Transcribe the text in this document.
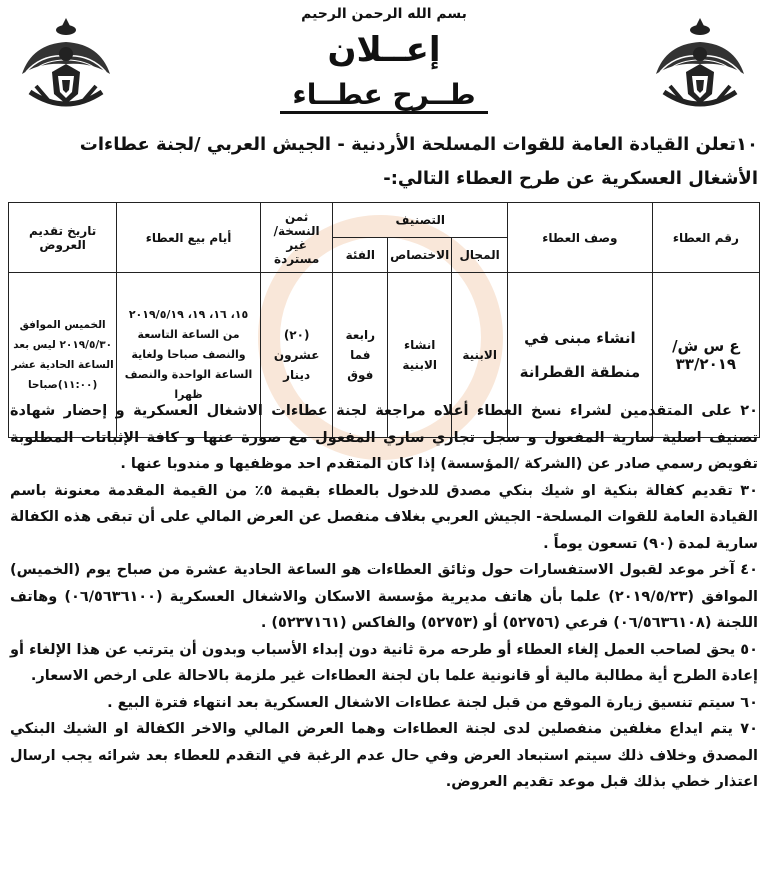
بسم الله الرحمن الرحيم
إعــلان
طــرح عطــاء
١٠تعلن القيادة العامة للقوات المسلحة الأردنية - الجيش العربي /لجنة عطاءات الأشغال العسكرية عن طرح العطاء التالي:-
رقم العطاء	وصف العطاء	التصنيف			ثمن النسخة/ غير مستردة	أيام بيع العطاء	تاريخ تقديم العروض
		المجال	الاختصاص	الفئة			
ع س ش/٣٣/٢٠١٩	انشاء مبنى في منطقة القطرانة	الابنية	انشاء الابنية	رابعة فما فوق	(٢٠) عشرون دينار	١٥، ١٦، ١٩، ٢٠١٩/٥/١٩ من الساعة التاسعة والنصف صباحا ولغاية الساعة الواحدة والنصف ظهرا	الخميس الموافق ٢٠١٩/٥/٣٠ ليس بعد الساعة الحادية عشر (١١:٠٠)صباحا

٢٠ على المتقدمين لشراء نسخ العطاء أعلاه مراجعة لجنة عطاءات الاشغال العسكرية و إحضار شهادة تصنيف اصلية سارية المفعول و سجل تجاري ساري المفعول مع صورة عنها و كافة الإثباتات المطلوبة تفويض رسمي صادر عن (الشركة /المؤسسة) إذا كان المتقدم احد موظفيها و مندوبا عنها .

٣٠ تقديم كفالة بنكية او شيك بنكي مصدق للدخول بالعطاء بقيمة ٥٪ من القيمة المقدمة معنونة باسم القيادة العامة للقوات المسلحة- الجيش العربي بغلاف منفصل عن العرض المالي على أن تبقى هذه الكفالة سارية لمدة (٩٠) تسعون يوماً .

٤٠ آخر موعد لقبول الاستفسارات حول وثائق العطاءات هو الساعة الحادية عشرة من صباح يوم (الخميس) الموافق (٢٠١٩/٥/٢٣) علما بأن هاتف مديرية مؤسسة الاسكان والاشغال العسكرية (٠٦/٥٦٣٦١٠٠) وهاتف اللجنة (٠٦/٥٦٣٦١٠٨) فرعي (٥٢٧٥٦) أو (٥٢٧٥٣) والفاكس (٥٢٣٧١٦١) .

٥٠ يحق لصاحب العمل إلغاء العطاء أو طرحه مرة ثانية دون إبداء الأسباب وبدون أن يترتب عن هذا الإلغاء أو إعادة الطرح أية مطالبة مالية أو قانونية علما بان لجنة العطاءات غير ملزمة بالاحالة على ارخص الاسعار.

٦٠ سيتم تنسيق زيارة الموقع من قبل لجنة عطاءات الاشغال العسكرية بعد انتهاء فترة البيع .

٧٠ يتم ايداع مغلفين منفصلين لدى لجنة العطاءات وهما العرض المالي والاخر الكفالة او الشيك البنكي المصدق وخلاف ذلك سيتم استبعاد العرض وفي حال عدم الرغبة في التقدم للعطاء بعد شرائه يجب ارسال اعتذار خطي بذلك قبل موعد تقديم العروض.
